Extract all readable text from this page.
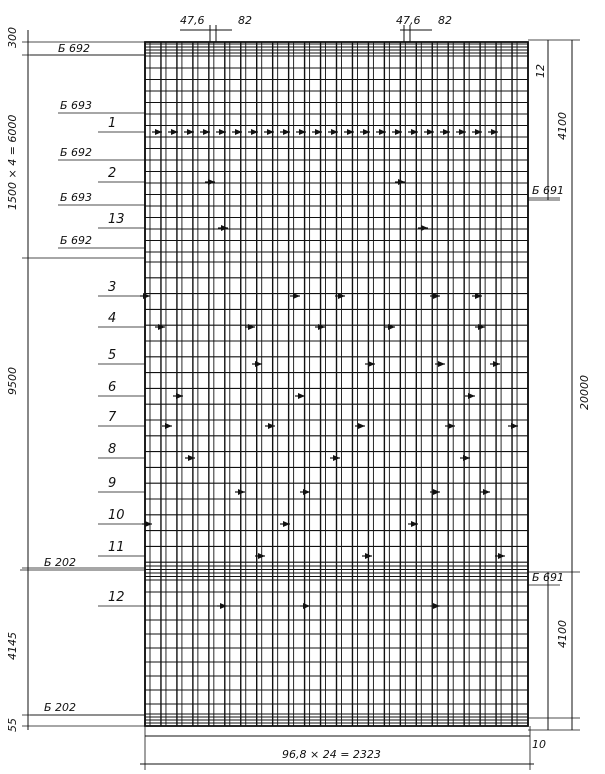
47,6	82	47,6 82
300
1500 × 4 = 6000
9500
4145
55
12
4100
20000
4100
10
96,8 × 24 = 2323
Б 692
Б 693
Б 692
Б 693
Б 692
Б 202
Б 202
Б 691
Б 691
1
2
13
3
4
5
6
7
8
9
10
11
12
